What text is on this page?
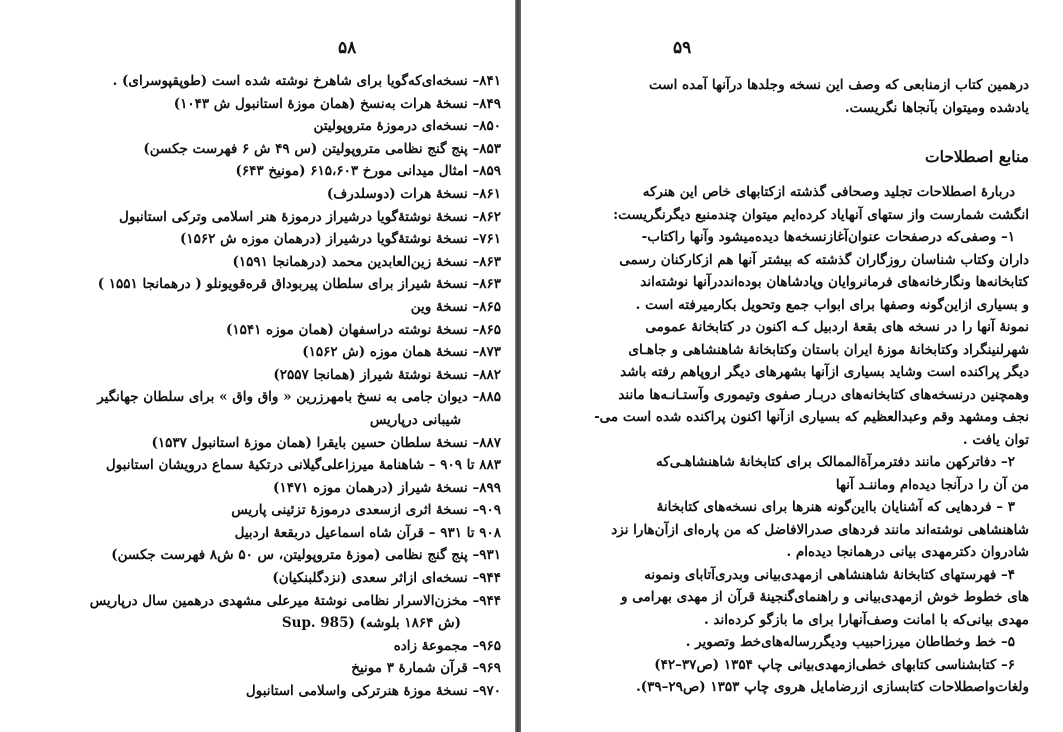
۵۸
۸۴۱– نسخه‌ای‌که‌گویا برای شاهرخ نوشته شده است (طوپقپوسرای) .
۸۴۹– نسخهٔ هرات به‌نسخ (همان موزهٔ استانبول ش ۱۰۴۳)
۸۵۰– نسخه‌ای درموزهٔ متروپولیتن
۸۵۳– پنج گنج نظامی متروپولیتن (س ۴۹ ش ۶ فهرست جکسن)
۸۵۹– امثال میدانی مورخ ۶۱۵،۶۰۳ (مونیخ ۶۴۳)
۸۶۱– نسخهٔ هرات (دوسلدرف)
۸۶۲– نسخهٔ نوشتهٔ‌گویا درشیراز درموزهٔ هنر اسلامی وترکی استانبول
۷۶۱– نسخهٔ نوشتهٔ‌گویا درشیراز (درهمان موزه ش ۱۵۶۲)
۸۶۳– نسخهٔ زین‌العابدین محمد (درهمانجا ۱۵۹۱)
۸۶۳– نسخهٔ شیراز برای سلطان پیربوداق قره‌قویونلو ( درهمانجا ۱۵۵۱ )
۸۶۵– نسخهٔ وین
۸۶۵– نسخهٔ نوشته دراسفهان (همان موزه ۱۵۴۱)
۸۷۳– نسخهٔ همان موزه (ش ۱۵۶۲)
۸۸۲– نسخهٔ نوشتهٔ شیراز (همانجا ۲۵۵۷)
۸۸۵– دیوان جامی به نسخ بامهرزرین « واق واق » برای سلطان جهانگیر
شیبانی درپاریس
۸۸۷– نسخهٔ سلطان حسین بایقرا (همان موزهٔ استانبول ۱۵۳۷)
۸۸۳ تا ۹۰۹ – شاهنامهٔ میرزاعلی‌گیلانی درتکیهٔ سماع درویشان استانبول
۸۹۹– نسخهٔ شیراز (درهمان موزه ۱۴۷۱)
۹۰۹– نسخهٔ اثری ازسعدی درموزهٔ تزئینی پاریس
۹۰۸ تا ۹۳۱ – قرآن شاه اسماعیل دربقعهٔ اردبیل
۹۳۱– پنج گنج نظامی (موزهٔ متروپولیتن، س ۵۰ ش۸ فهرست جکسن)
۹۴۴– نسخه‌ای ازاثر سعدی (نزدگلبنکیان)
۹۴۴– مخزن‌الاسرار نظامی نوشتهٔ میرعلی مشهدی درهمین سال درپاریس
(ش ۱۸۶۴ بلوشه) (Sup. 985
۹۶۵– مجموعهٔ زاده
۹۶۹– قرآن شمارهٔ ۳ مونیخ
۹۷۰– نسخهٔ موزهٔ هنرترکی واسلامی استانبول
۵۹
درهمین کتاب ازمنابعی که وصف این نسخه وجلدها درآنها آمده است
یادشده ومیتوان بآنجاها نگریست.
منابع اصطلاحات
دربارهٔ اصطلاحات تجلید وصحافی گذشته ازکتابهای خاص این هنرکه
انگشت شمارست واز ستهای آنهایاد کرده‌ایم میتوان چندمنبع دیگرنگریست:
۱– وصفی‌که درصفحات عنوان‌آغازنسخه‌ها دیده‌میشود وآنها راکتاب-
داران وکتاب شناسان روزگاران گذشته که بیشتر آنها هم ازکارکنان رسمی
کتابخانه‌ها ونگارخانه‌های فرمانروایان وپادشاهان بوده‌اند‌درآنها نوشته‌اند
و بسیاری ازاین‌گونه وصفها برای ابواب جمع وتحویل بکارمیرفته است .
نمونهٔ آنها را در نسخه های بقعهٔ اردبیل کـه اکنون در کتابخانهٔ عمومی
شهرلنینگراد وکتابخانهٔ موزهٔ ایران باستان وکتابخانهٔ شاهنشاهی و جاهـای
دیگر پراکنده است وشاید بسیاری ازآنها بشهرهای دیگر اروپاهم رفته باشد
وهمچنین درنسخه‌های کتابخانه‌های دربـار صفوی وتیموری وآستـانـه‌ها مانند
نجف ومشهد وقم وعبدالعظیم که بسیاری ازآنها اکنون پراکنده شده است می-
توان یافت .
۲– دفاترکهن مانند دفترمرآةالممالک برای کتابخانهٔ شاهنشاهـی‌که
من آن را درآنجا دیده‌ام وماننـد آنها
۳ – فردهایی که آشنایان بااین‌گونه هنرها برای نسخه‌های کتابخانهٔ
شاهنشاهی نوشته‌اند مانند فردهای صدرالافاضل که من پاره‌ای ازآن‌هارا نزد
شادروان دکترمهدی بیانی درهمانجا دیده‌ام .
۴– فهرستهای کتابخانهٔ شاهنشاهی ازمهدی‌بیانی وبدری‌آتابای ونمونه
های خطوط خوش ازمهدی‌بیانی و راهنمای‌گنجینهٔ قرآن از مهدی بهرامی و
مهدی بیانی‌که با امانت وصف‌آنهارا برای ما بازگو کرده‌اند .
۵– خط وخطاطان میرزاحبیب ودیگررساله‌های‌خط وتصویر .
۶– کتابشناسی کتابهای خطی‌ازمهدی‌بیانی چاپ ۱۳۵۴ (ص۳۷–۴۲)
ولغات‌واصطلاحات کتابسازی ازرضامایل هروی چاپ ۱۳۵۳ (ص۲۹–۳۹).
